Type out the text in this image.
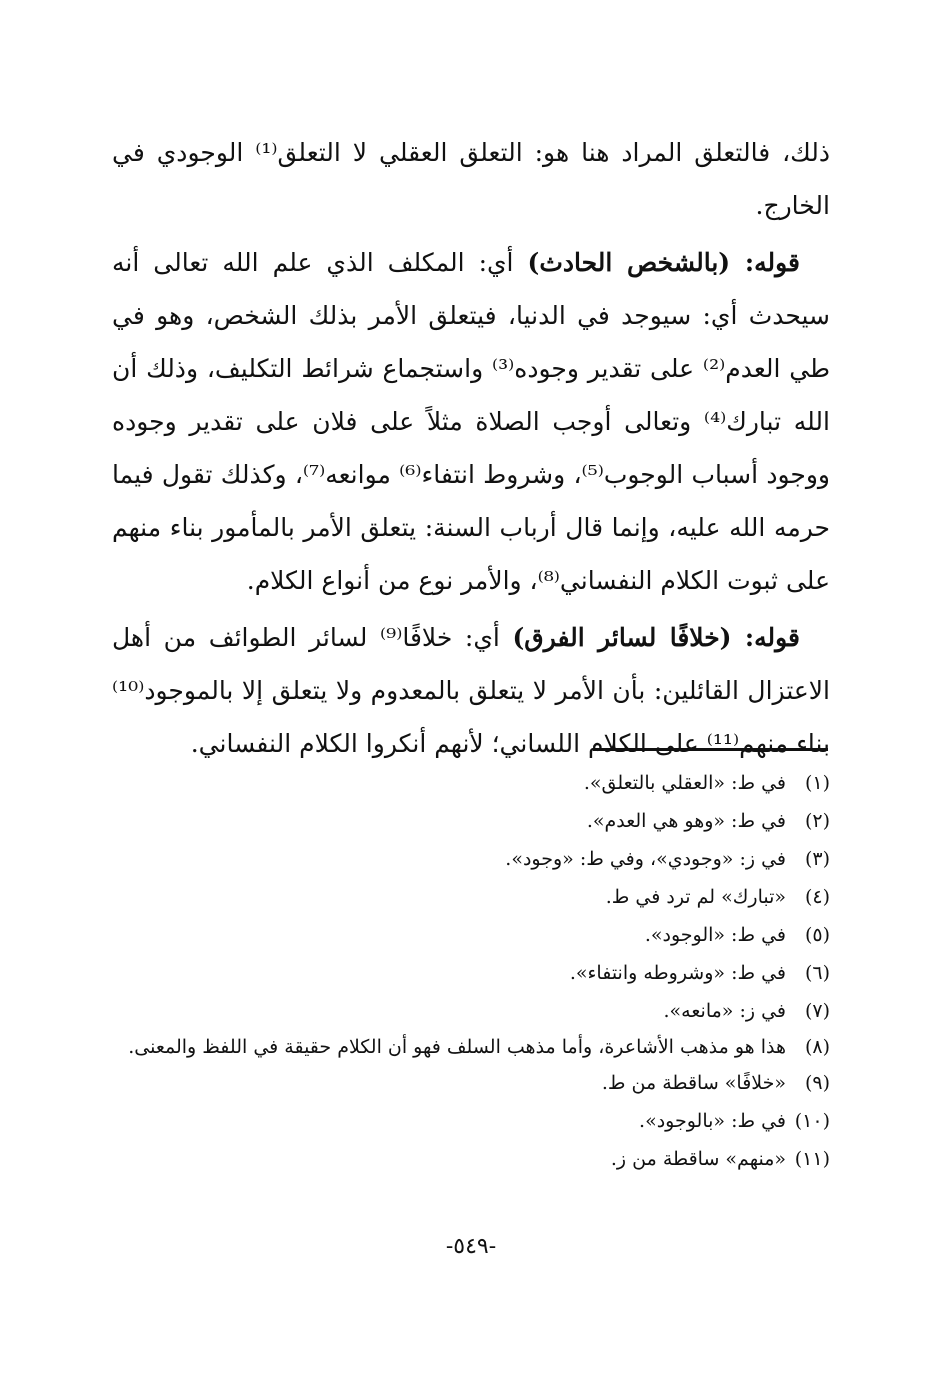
ذلك، فالتعلق المراد هنا هو: التعلق العقلي لا التعلق⁽¹⁾ الوجودي في الخارج.

قوله: (بالشخص الحادث) أي: المكلف الذي علم الله تعالى أنه سيحدث أي: سيوجد في الدنيا، فيتعلق الأمر بذلك الشخص، وهو في طي العدم⁽²⁾ على تقدير وجوده⁽³⁾ واستجماع شرائط التكليف، وذلك أن الله تبارك⁽⁴⁾ وتعالى أوجب الصلاة مثلاً على فلان على تقدير وجوده ووجود أسباب الوجوب⁽⁵⁾، وشروط انتفاء⁽⁶⁾ موانعه⁽⁷⁾، وكذلك تقول فيما حرمه الله عليه، وإنما قال أرباب السنة: يتعلق الأمر بالمأمور بناء منهم على ثبوت الكلام النفساني⁽⁸⁾، والأمر نوع من أنواع الكلام.

قوله: (خلافًا لسائر الفرق) أي: خلافًا⁽⁹⁾ لسائر الطوائف من أهل الاعتزال القائلين: بأن الأمر لا يتعلق بالمعدوم ولا يتعلق إلا بالموجود⁽¹⁰⁾ بناء منهم⁽¹¹⁾ على الكلام اللساني؛ لأنهم أنكروا الكلام النفساني.

(١)
في ط: «العقلي بالتعلق».
(٢)
في ط: «وهو هي العدم».
(٣)
في ز: «وجودي»، وفي ط: «وجود».
(٤)
«تبارك» لم ترد في ط.
(٥)
في ط: «الوجود».
(٦)
في ط: «وشروطه وانتفاء».
(٧)
في ز: «مانعه».
(٨)
هذا هو مذهب الأشاعرة، وأما مذهب السلف فهو أن الكلام حقيقة في اللفظ والمعنى.
(٩)
«خلافًا» ساقطة من ط.
(١٠)
في ط: «بالوجود».
(١١)
«منهم» ساقطة من ز.
-٥٤٩-
